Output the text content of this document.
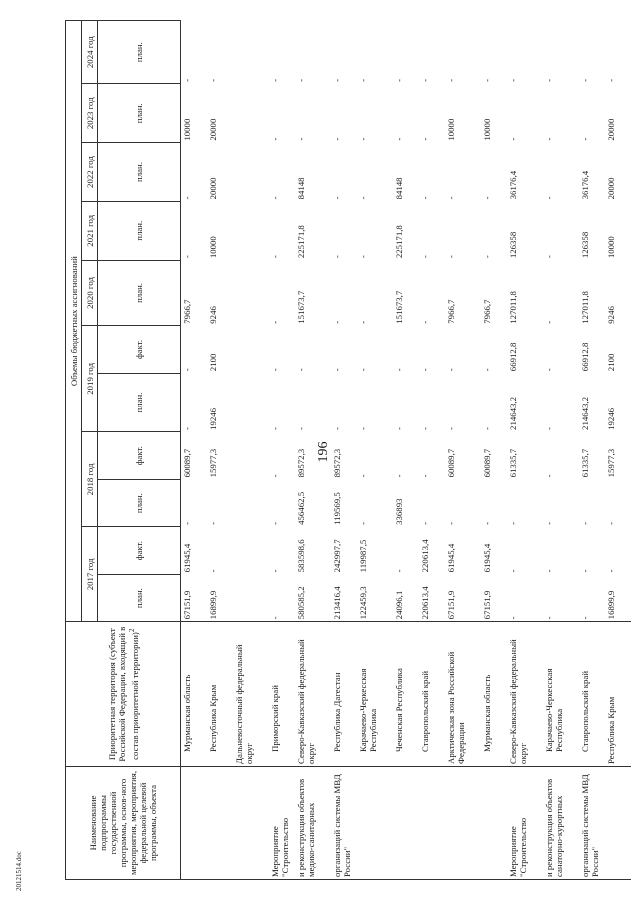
196
20121514.doc
Наименование подпрограммы государственной программы, основ-ного мероприятия, мероприятия, федеральной целевой программы, объекта	Приоритетная территория (субъект Российской Федерации, входящий в состав приоритетной территории)$^2$	Объемы бюджетных ассигнований										
		2017 год		2018 год		2019 год		2020 год	2021 год	2022 год	2023 год	2024 год
		план.	факт.	план.	факт.	план.	факт.	план.	план.	план.	план.	план.
	Мурманская область	67151,9	61945,4	-	60089,7	-	-	7966,7	-	-	10000	-
	Республика Крым	16899,9	-	-	15977,3	19246	2100	9246	10000	20000	20000	-
	Дальневосточный федеральный округ											
Мероприятие "Строительство	Приморский край	-	-	-	-	-	-	-	-	-	-	-
и реконструкция объектов медико-санитарных	Северо-Кавказский федеральный округ	580585,2	583598,6	456462,5	89572,3	-	-	151673,7	225171,8	84148	-	-
организаций системы МВД России"	Республика Дагестан	213416,4	242997,7	119569,5	89572,3	-	-	-	-	-	-	-
	Карачаево-Черкесская Республика	122459,3	119987,5	-	-	-	-	-	-	-	-	-
	Чеченская Республика	24096,1	-	336893	-	-	-	151673,7	225171,8	84148	-	-
	Ставропольский край	220613,4	220613,4	-	-	-	-	-	-	-	-	-
	Арктическая зона Российской Федерации	67151,9	61945,4	-	60089,7	-	-	7966,7	-	-	10000	-
	Мурманская область	67151,9	61945,4	-	60089,7	-	-	7966,7	-	-	10000	-
Мероприятие "Строительство	Северо-Кавказский федеральный округ	-	-	-	61335,7	214643,2	66912,8	127011,8	126358	36176,4	-	-
и реконструкция объектов санаторно-курортных	Карачаево-Черкесская Республика	-	-	-	-	-	-	-	-	-	-	-
организаций системы МВД России"	Ставропольский край	-	-	-	61335,7	214643,2	66912,8	127011,8	126358	36176,4	-	-
	Республика Крым	16899,9	-	-	15977,3	19246	2100	9246	10000	20000	20000	-
